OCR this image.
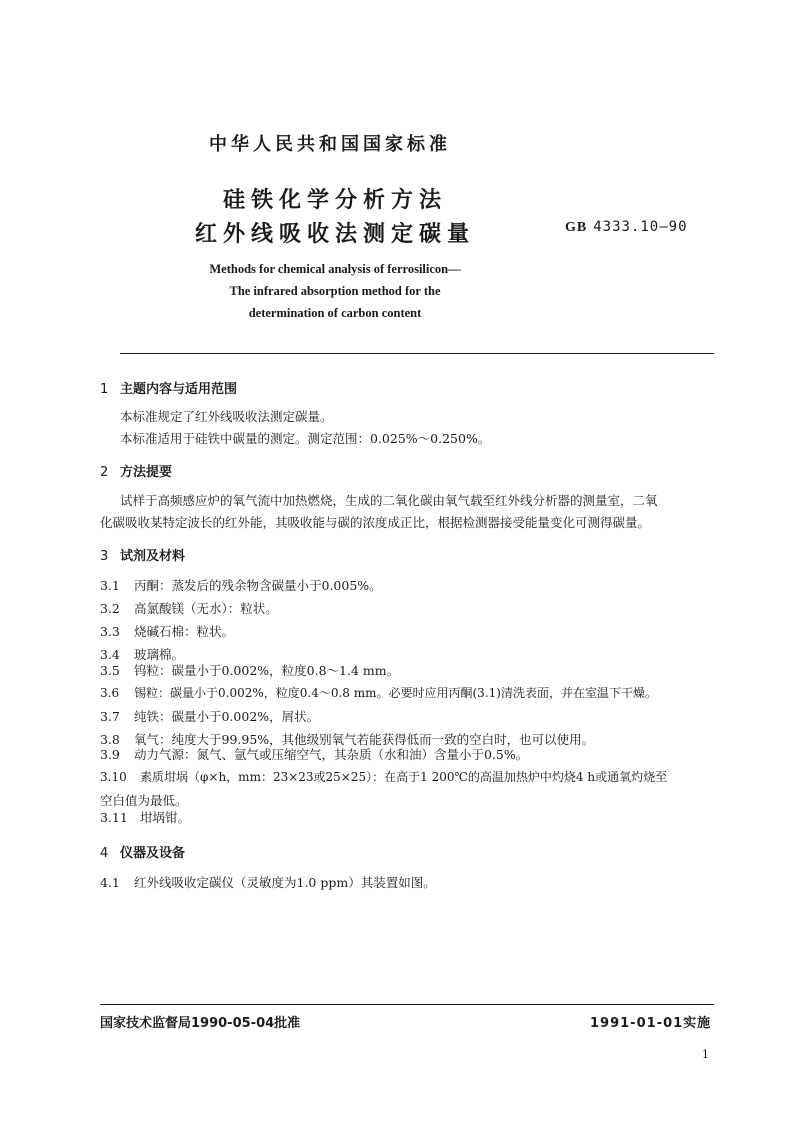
中华人民共和国国家标准
硅铁化学分析方法
红外线吸收法测定碳量	GB 4333.10—90
Methods for chemical analysis of ferrosilicon—
The infrared absorption method for the
determination of carbon content
1 主题内容与适用范围
本标准规定了红外线吸收法测定碳量。
本标准适用于硅铁中碳量的测定。测定范围：0.025%～0.250%。
2 方法提要
试样于高频感应炉的氧气流中加热燃烧，生成的二氧化碳由氧气载至红外线分析器的测量室，二氧
化碳吸收某特定波长的红外能，其吸收能与碳的浓度成正比，根据检测器接受能量变化可测得碳量。
3 试剂及材料
3.1 丙酮：蒸发后的残余物含碳量小于0.005%。
3.2 高氯酸镁（无水）：粒状。
3.3 烧碱石棉：粒状。
3.4 玻璃棉。
3.5 钨粒：碳量小于0.002%，粒度0.8～1.4 mm。
3.6 锡粒：碳量小于0.002%，粒度0.4～0.8 mm。必要时应用丙酮(3.1)清洗表面，并在室温下干燥。
3.7 纯铁：碳量小于0.002%，屑状。
3.8 氧气：纯度大于99.95%，其他级别氧气若能获得低而一致的空白时，也可以使用。
3.9 动力气源：氮气、氩气或压缩空气，其杂质（水和油）含量小于0.5%。
3.10 素质坩埚（φ×h，mm：23×23或25×25）：在高于1 200℃的高温加热炉中灼烧4 h或通氧灼烧至
空白值为最低。
3.11 坩埚钳。
4 仪器及设备
4.1 红外线吸收定碳仪（灵敏度为1.0 ppm）其装置如图。
国家技术监督局1990-05-04批准	1991-01-01实施
1
